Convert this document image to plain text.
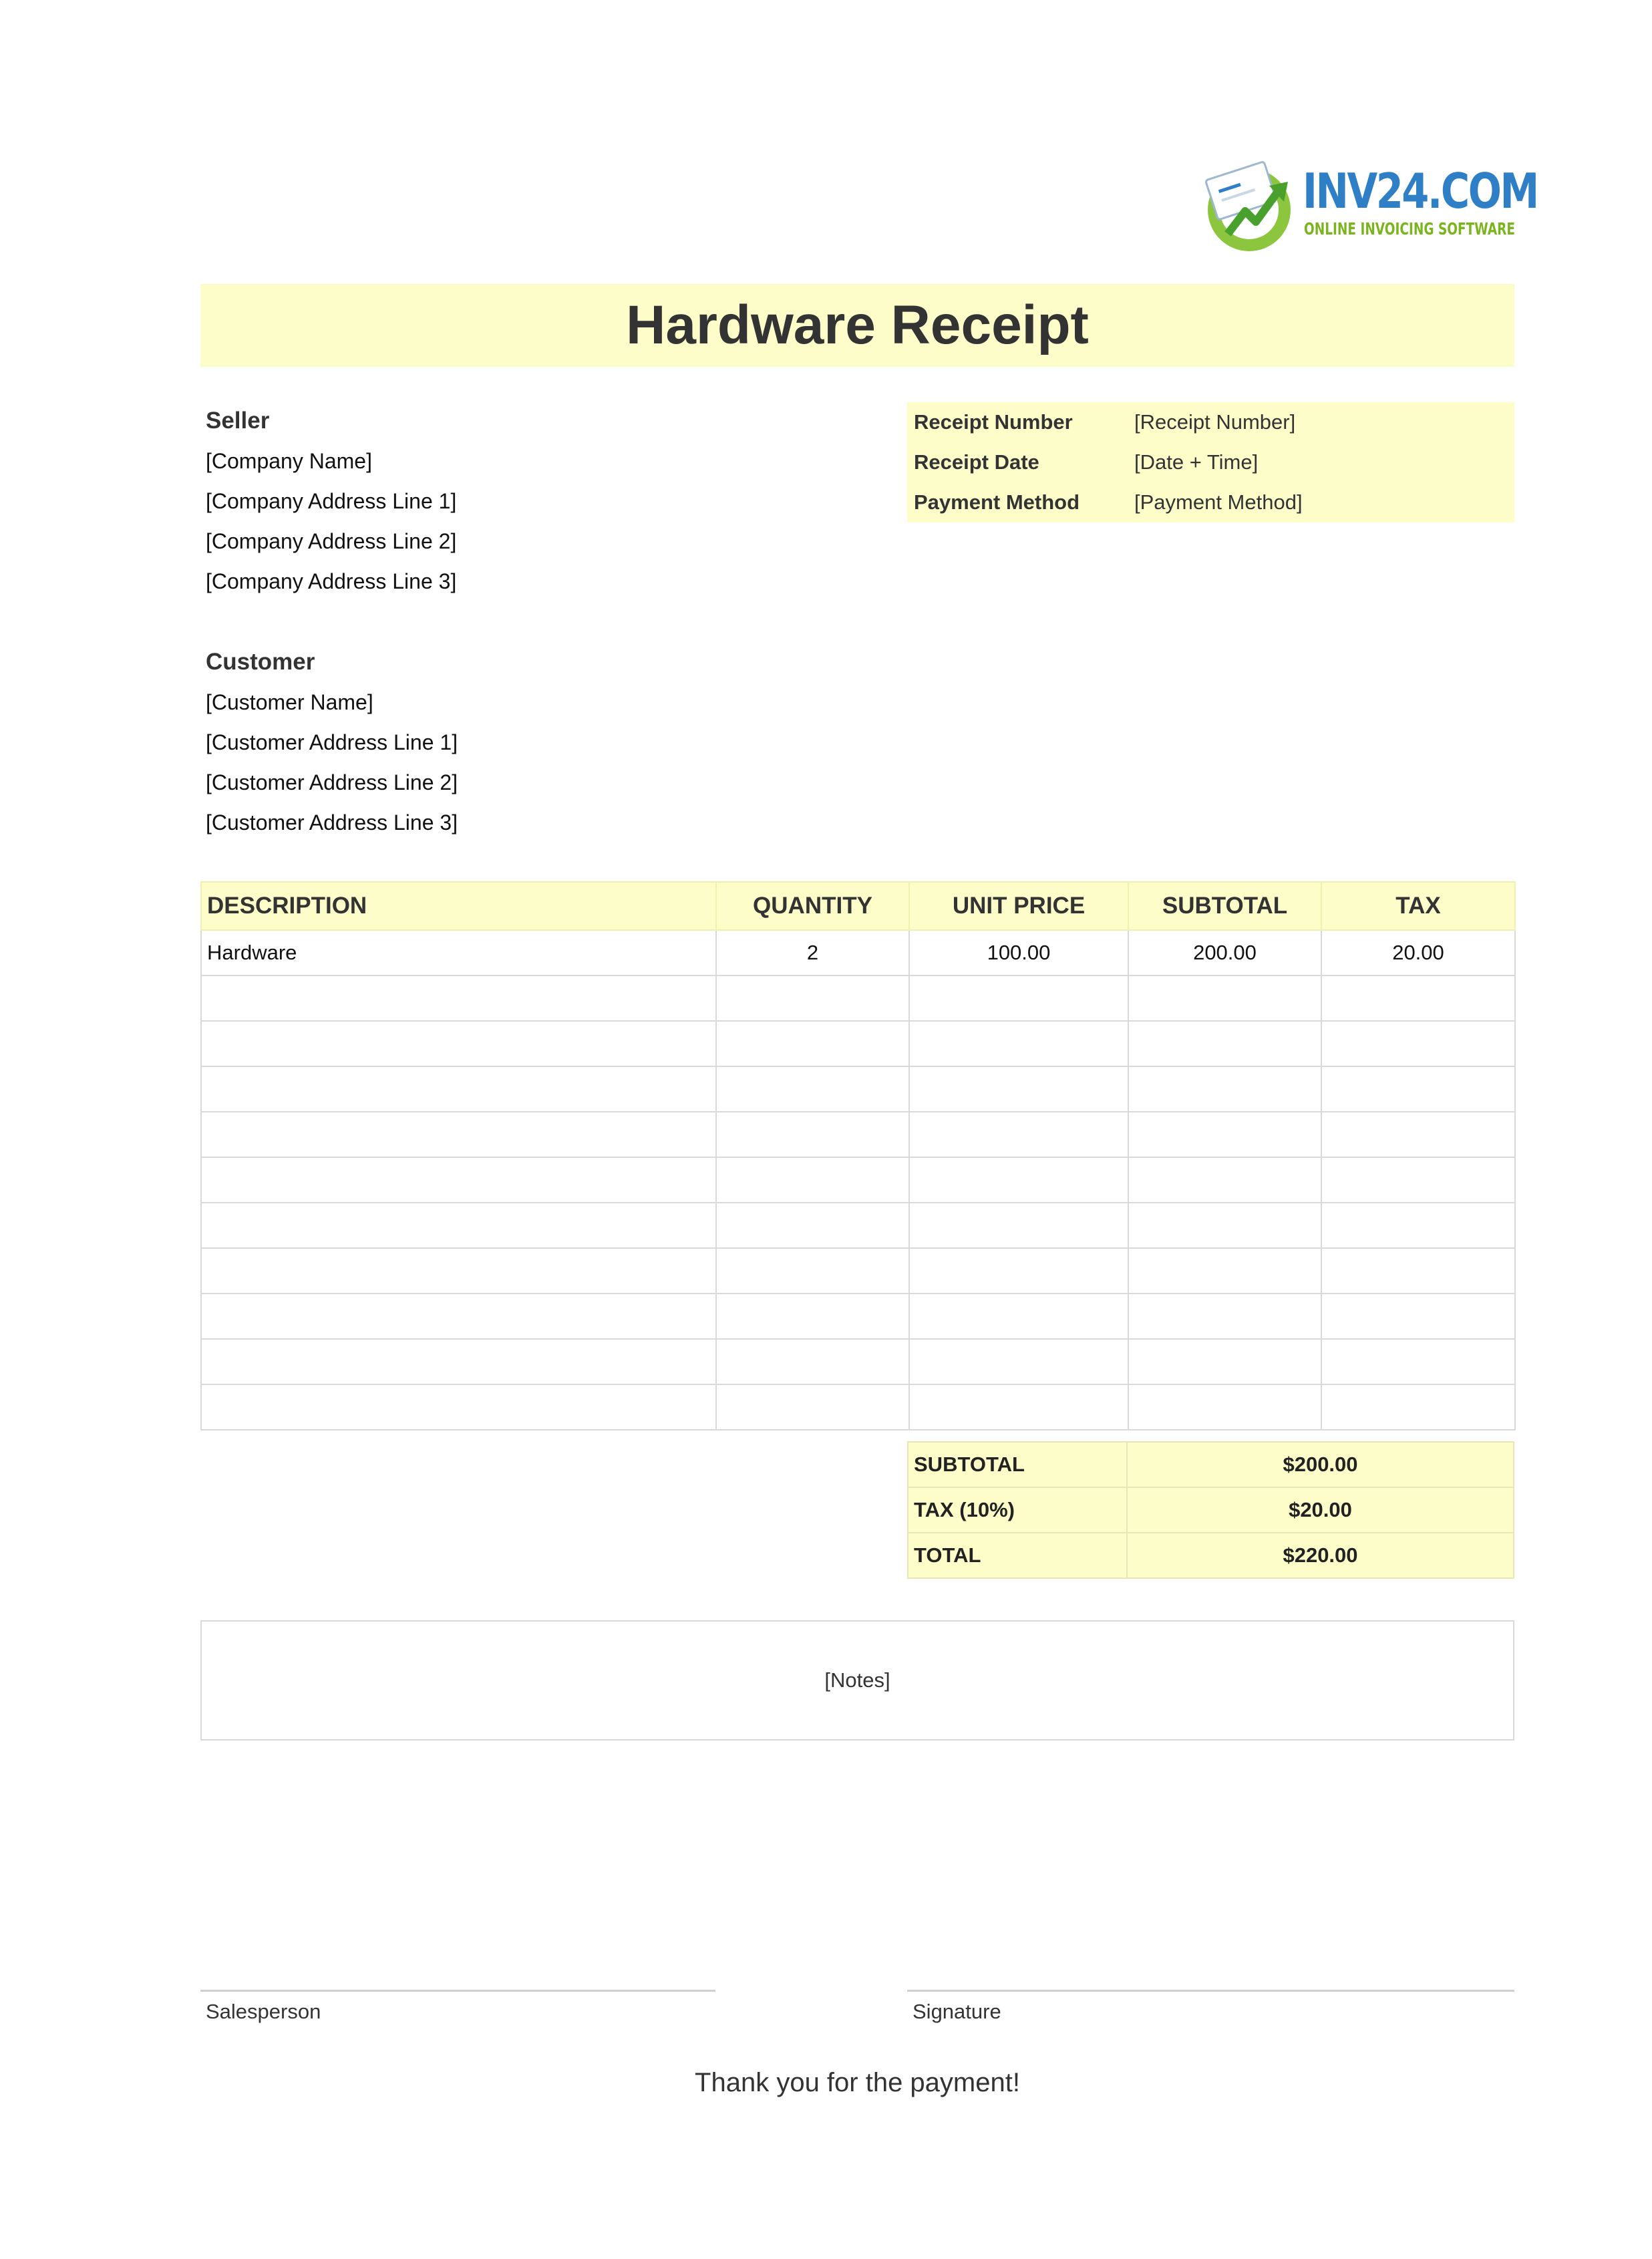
INV24.COM
ONLINE INVOICING SOFTWARE
Hardware Receipt
Seller
[Company Name]
[Company Address Line 1]
[Company Address Line 2]
[Company Address Line 3]
Customer
[Customer Name]
[Customer Address Line 1]
[Customer Address Line 2]
[Customer Address Line 3]
Receipt Number	[Receipt Number]
Receipt Date	[Date + Time]
Payment Method	[Payment Method]
DESCRIPTION	QUANTITY	UNIT PRICE	SUBTOTAL	TAX
Hardware	2	100.00	200.00	20.00

SUBTOTAL	$200.00
TAX (10%)	$20.00
TOTAL	$220.00
[Notes]
Salesperson	Signature
Thank you for the payment!
